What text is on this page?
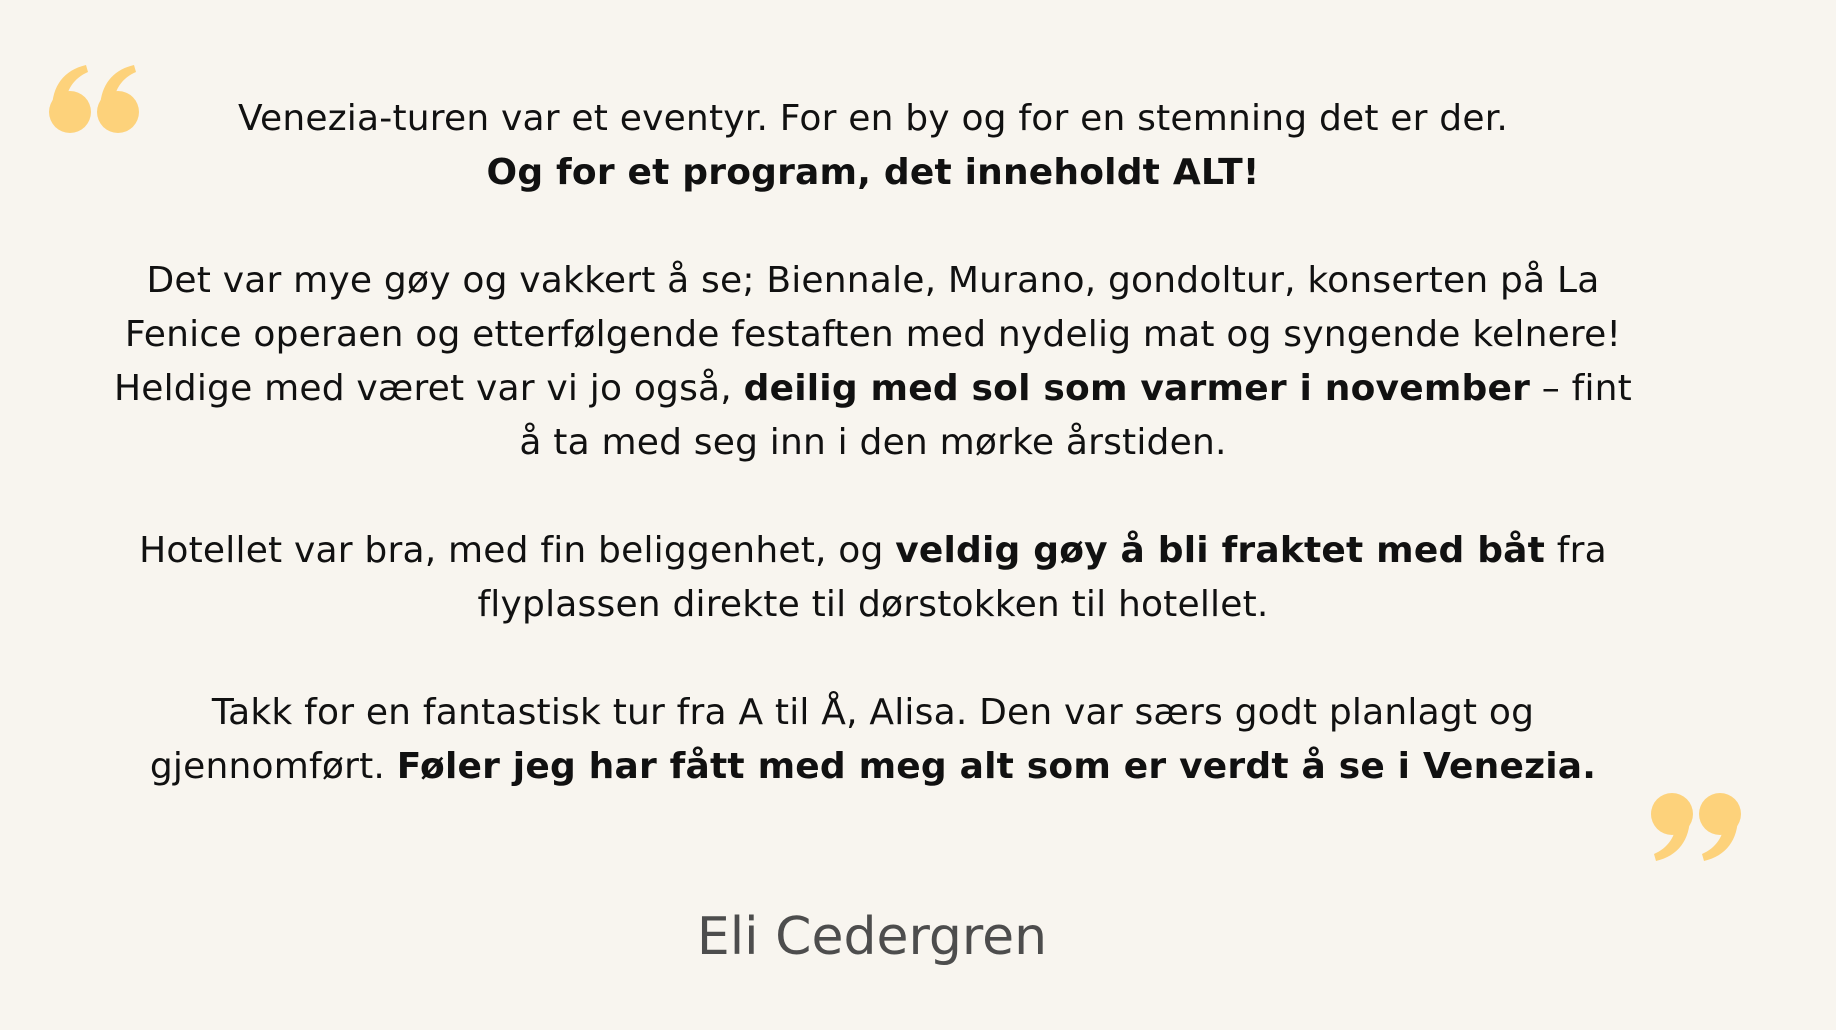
Venezia-turen var et eventyr. For en by og for en stemning det er der.
Og for et program, det inneholdt ALT!

Det var mye gøy og vakkert å se; Biennale, Murano, gondoltur, konserten på La Fenice operaen og etterfølgende festaften med nydelig mat og syngende kelnere! Heldige med været var vi jo også, deilig med sol som varmer i november – fint å ta med seg inn i den mørke årstiden.

Hotellet var bra, med fin beliggenhet, og veldig gøy å bli fraktet med båt fra flyplassen direkte til dørstokken til hotellet.

Takk for en fantastisk tur fra A til Å, Alisa. Den var særs godt planlagt og gjennomført. Føler jeg har fått med meg alt som er verdt å se i Venezia.

Eli Cedergren
